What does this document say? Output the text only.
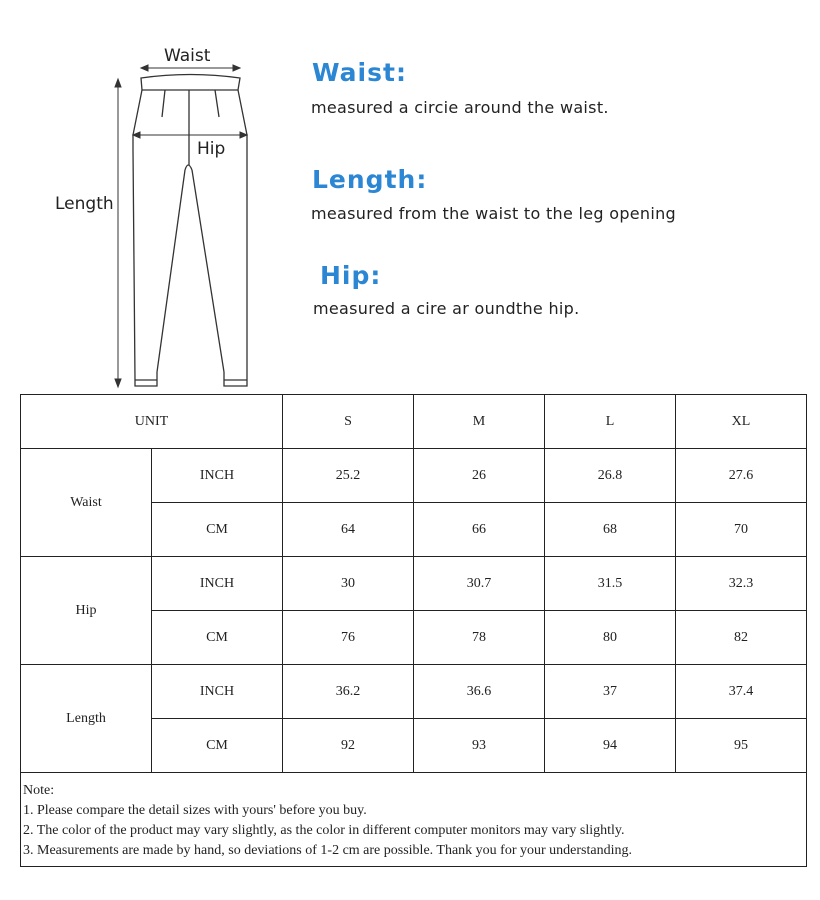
Waist
Hip
Length
Waist:
measured a circie around the waist.
Length:
measured from the waist to the leg opening
Hip:
measured a cire ar oundthe hip.
UNIT		S	M	L	XL
Waist	INCH	25.2	26	26.8	27.6
	CM	64	66	68	70
Hip	INCH	30	30.7	31.5	32.3
	CM	76	78	80	82
Length	INCH	36.2	36.6	37	37.4
	CM	92	93	94	95

Note:
1. Please compare the detail sizes with yours' before you buy.
2. The color of the product may vary slightly, as the color in different computer monitors may vary slightly.
3. Measurements are made by hand, so deviations of 1-2 cm are possible. Thank you for your understanding.					
